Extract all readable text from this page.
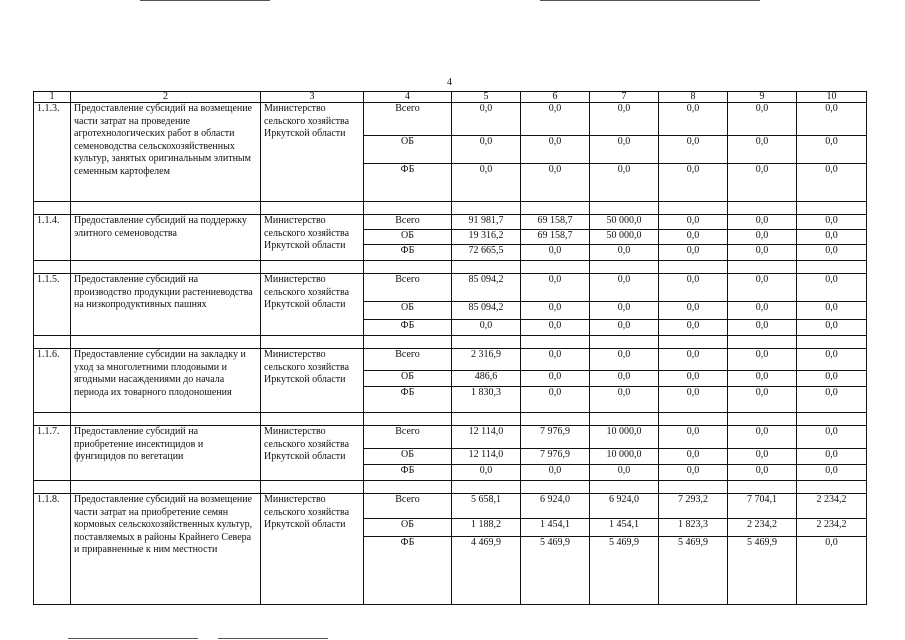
4
1	2	3	4	5	6	7	8	9	10
1.1.3.	Предоставление субсидий на возмещение части затрат на проведение агротехнологических работ в области семеноводства сельскохозяйственных культур, занятых оригинальным элитным семенным картофелем	Министерство сельского хозяйства Иркутской области	Всего	0,0	0,0	0,0	0,0	0,0	0,0
			ОБ	0,0	0,0	0,0	0,0	0,0	0,0
			ФБ	0,0	0,0	0,0	0,0	0,0	0,0

1.1.4.	Предоставление субсидий на поддержку элитного семеноводства	Министерство сельского хозяйства Иркутской области	Всего	91 981,7	69 158,7	50 000,0	0,0	0,0	0,0
			ОБ	19 316,2	69 158,7	50 000,0	0,0	0,0	0,0
			ФБ	72 665,5	0,0	0,0	0,0	0,0	0,0

1.1.5.	Предоставление субсидий на производство продукции растениеводства на низкопродуктивных пашнях	Министерство сельского хозяйства Иркутской области	Всего	85 094,2	0,0	0,0	0,0	0,0	0,0
			ОБ	85 094,2	0,0	0,0	0,0	0,0	0,0
			ФБ	0,0	0,0	0,0	0,0	0,0	0,0

1.1.6.	Предоставление субсидии на закладку и уход за многолетними плодовыми и ягодными насаждениями до начала периода их товарного плодоношения	Министерство сельского хозяйства Иркутской области	Всего	2 316,9	0,0	0,0	0,0	0,0	0,0
			ОБ	486,6	0,0	0,0	0,0	0,0	0,0
			ФБ	1 830,3	0,0	0,0	0,0	0,0	0,0

1.1.7.	Предоставление субсидий на приобретение инсектицидов и фунгицидов по вегетации	Министерство сельского хозяйства Иркутской области	Всего	12 114,0	7 976,9	10 000,0	0,0	0,0	0,0
			ОБ	12 114,0	7 976,9	10 000,0	0,0	0,0	0,0
			ФБ	0,0	0,0	0,0	0,0	0,0	0,0

1.1.8.	Предоставление субсидий на возмещение части затрат на приобретение семян кормовых сельскохозяйственных культур, поставляемых в районы Крайнего Севера и приравненные к ним местности	Министерство сельского хозяйства Иркутской области	Всего	5 658,1	6 924,0	6 924,0	7 293,2	7 704,1	2 234,2
			ОБ	1 188,2	1 454,1	1 454,1	1 823,3	2 234,2	2 234,2
			ФБ	4 469,9	5 469,9	5 469,9	5 469,9	5 469,9	0,0
